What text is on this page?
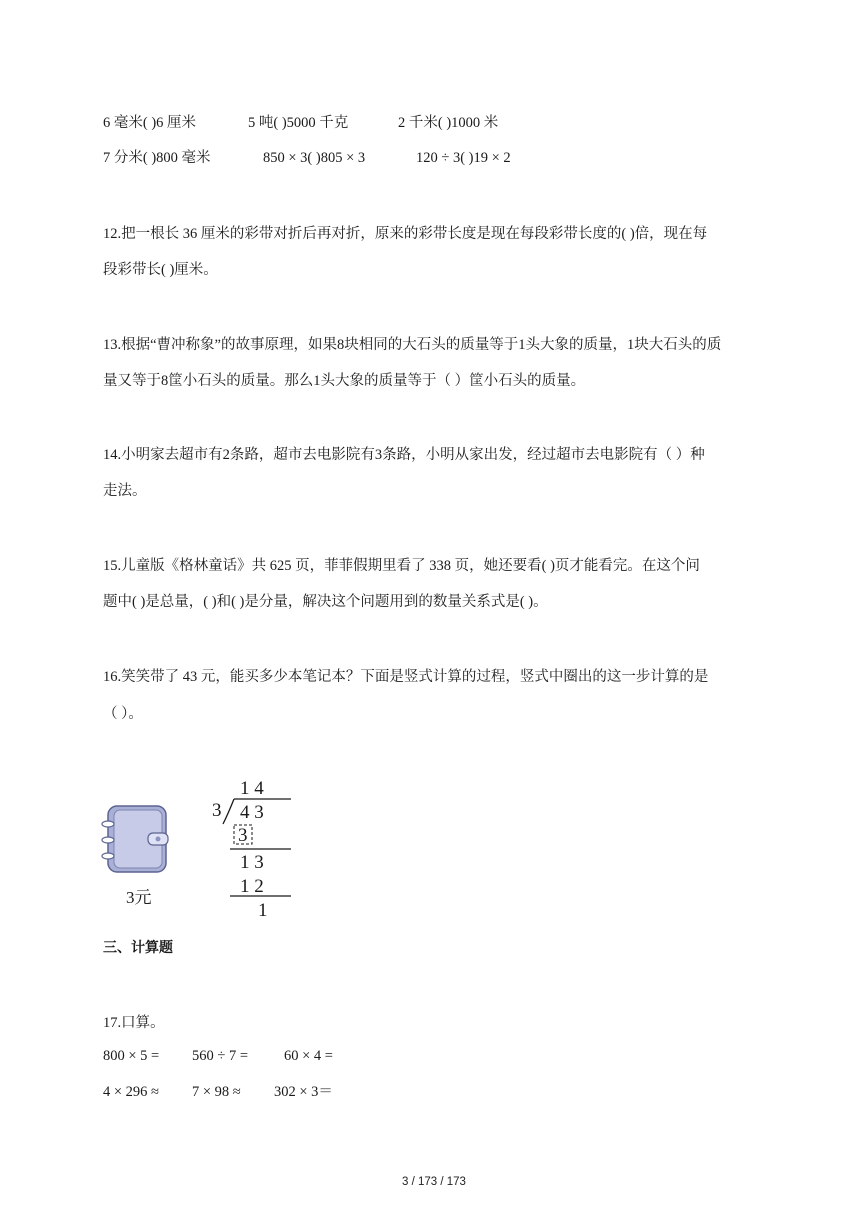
6 毫米( )6 厘米	5 吨( )5000 千克	2 千米( )1000 米
7 分米( )800 毫米	850 × 3( )805 × 3	120 ÷ 3( )19 × 2
12.把一根长 36 厘米的彩带对折后再对折，原来的彩带长度是现在每段彩带长度的( )倍，现在每
段彩带长( )厘米。
13.根据“曹冲称象”的故事原理，如果8块相同的大石头的质量等于1头大象的质量，1块大石头的质
量又等于8筐小石头的质量。那么1头大象的质量等于（ ）筐小石头的质量。
14.小明家去超市有2条路，超市去电影院有3条路，小明从家出发，经过超市去电影院有（ ）种
走法。
15.儿童版《格林童话》共 625 页，菲菲假期里看了 338 页，她还要看( )页才能看完。在这个问
题中( )是总量，( )和( )是分量，解决这个问题用到的数量关系式是( )。
16.笑笑带了 43 元，能买多少本笔记本？下面是竖式计算的过程，竖式中圈出的这一步计算的是
（ ）。
3元
1 4
3 4 3
3
1 3
1 2
1
三、计算题
17.口算。
800 × 5 = 560 ÷ 7 = 60 × 4 =
4 × 296 ≈ 7 × 98 ≈ 302 × 3＝
3 / 173 / 173
